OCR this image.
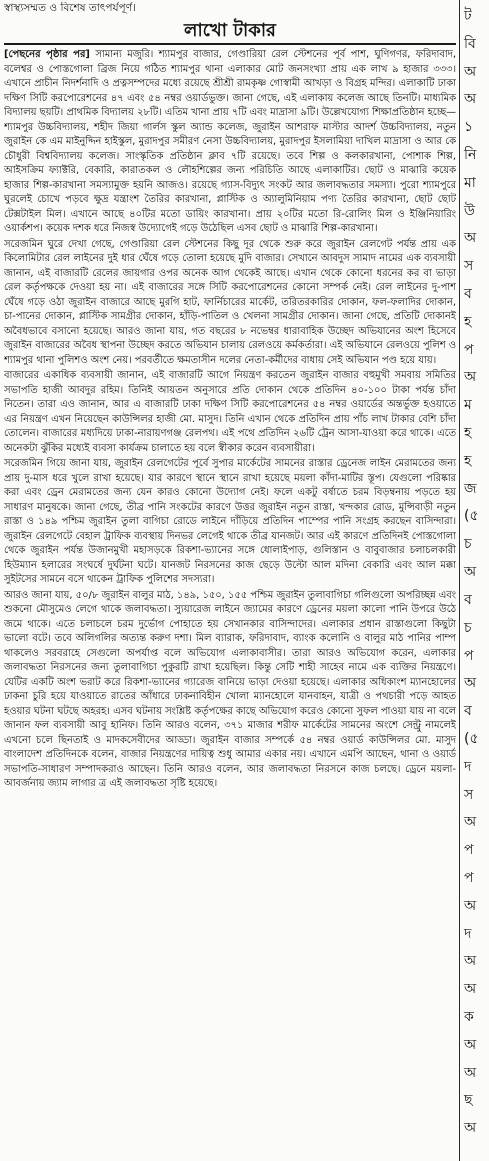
স্বাস্থ্যসম্মত ও বিশেষ তাৎপর্যপূর্ণ।
লাখো টাকার

[পেছনের পৃষ্ঠার পর] সামান্য মজুরি। শ্যামপুর বাজার, গেণ্ডারিয়া রেল স্টেশনের পূর্ব পাশ, ঘুণিগণর, ফরিদাবাদ, বলেশ্বর ও পোস্তগোলা ব্রিজ নিয়ে গঠিত শ্যামপুর থানা এলাকার মোট জনসংখ্যা প্রায় এক লাখ ৯ হাজার ৩৩৩। এখানে প্রাচীন নিদর্শনাদি ও প্রত্নসম্পদের মধ্যে রয়েছে শ্রীশ্রী রামকৃষ্ণ গোস্বামী আখড়া ও বিগ্রহ মন্দির। এলাকাটি ঢাকা দক্ষিণ সিটি করপোরেশনের ৪৭ এবং ৫৪ নম্বর ওয়ার্ডভুক্ত। জানা গেছে, এই এলাকায় কলেজ আছে তিনটি। মাধ্যমিক বিদ্যালয় ছয়টি। প্রাথমিক বিদ্যালয় ২৮টি। এতিম খানা প্রায় ৭টি এবং মাদ্রাসা ৯টি। উল্লেখযোগ্য শিক্ষাপ্রতিষ্ঠান হচ্ছে— শ্যামপুর উচ্চবিদ্যালয়, শহীদ জিয়া গার্লস স্কুল অ্যান্ড কলেজ, জুরাইন আশরাফ মাস্টার আদর্শ উচ্চবিদ্যালয়, নতুন জুরাইন কে এম মাইনুদ্দিন হাইস্কুল, মুরাদপুর সমীরণ নেসা উচ্চবিদ্যালয়, মুরাদপুর ইসলামিয়া দাখিল মাদ্রাসা ও আর কে চৌধুরী বিশ্ববিদ্যালয় কলেজ। সাংস্কৃতিক প্রতিষ্ঠান ক্লাব ৭টি রয়েছে। তবে শিল্প ও কলকারখানা, পোশাক শিল্প, আইসক্রিম ফ্যাক্টরি, বেকারি, কারাতকল ও লৌহশিল্পের জন্য পরিচিতি আছে এলাকাটির। ছোট ও মাঝারি কয়েক হাজার শিল্প-কারখানা সমস্যামুক্ত হয়নি আজও। রয়েছে গ্যাস-বিদ্যুৎ সংকট আর জলাবদ্ধতার সমস্যা। পুরো শ্যামপুরে ঘুরলেই চোখে পড়বে ক্ষুদ্র যন্ত্রাংশ তৈরির কারখানা, প্লাস্টিক ও অ্যালুমিনিয়াম পণ্য তৈরির কারখানা, ছোট ছোট টেক্সটাইল মিল। এখানে আছে ৪০টির মতো ডায়িং কারখানা। প্রায় ২০টির মতো রি-রোলিং মিল ও ইঞ্জিনিয়ারিং ওয়ার্কশপ। কয়েক দশক ধরে নিজস্ব উদ্যোগেই গড়ে উঠেছিল এসব ছোট ও মাঝারি শিল্প-কারখানা।

সরেজমিন ঘুরে দেখা গেছে, গেণ্ডারিয়া রেল স্টেশনের কিছু দূর থেকে শুরু করে জুরাইন রেলগেট পর্যন্ত প্রায় এক কিলোমিটার রেল লাইনের দুই ধার ঘেঁষে গড়ে তোলা হয়েছে মুদি বাজার। সেখানে আবদুস সামাদ নামের এক ব্যবসায়ী জানান, এই বাজারটি রেলের জায়গার ওপর অনেক আগ থেকেই আছে। এখান থেকে কোনো ধরনের কর বা ভাড়া রেল কর্তৃপক্ষকে দেওয়া হয় না। এই বাজারের সঙ্গে সিটি করপোরেশনের কোনো সম্পর্ক নেই। রেল লাইনের দু-পাশ ঘেঁষে গড়ে ওঠা জুরাইন বাজারে আছে মুরগি হাট, ফার্নিচারের মার্কেট, তরিতরকারির দোকান, ফল-ফলাদির দোকান, চা-পানের দোকান, প্লাস্টিক সামগ্রীর দোকান, হাঁড়ি-পাতিল ও খেলনা সামগ্রীর দোকান। জানা গেছে, প্রতিটি দোকানই অবৈধভাবে বসানো হয়েছে। আরও জানা যায়, গত বছরের ৮ নভেম্বর ধারাবাহিক উচ্ছেদ অভিযানের অংশ হিসেবে জুরাইন বাজারের অবৈধ স্থাপনা উচ্ছেদ করতে অভিযান চালায় রেলওয়ে কর্মকর্তারা। এই অভিযানে রেলওয়ে পুলিশ ও শ্যামপুর থানা পুলিশও অংশ নেয়। পরবর্তীতে ক্ষমতাসীন দলের নেতা-কর্মীদের বাধায় সেই অভিযান পণ্ড হয়ে যায়।

বাজারের একাধিক ব্যবসায়ী জানান, এই বাজারটি আগে নিয়ন্ত্রণ করতেন জুরাইন বাজার বহুমুখী সমবায় সমিতির সভাপতি হাজী আবদুর রহিম। তিনিই আয়তন অনুসারে প্রতি দোকান থেকে প্রতিদিন ৪০-১০০ টাকা পর্যন্ত চাঁদা নিতেন। তারা এও জানান, আর এ বাজারটি ঢাকা দক্ষিণ সিটি করপোরেশনের ৫৪ নম্বর ওয়ার্ডের অন্তর্ভুক্ত হওয়াতে এর নিয়ন্ত্রণ এখন নিয়েছেন কাউন্সিলর হাজী মো. মাসুদ। তিনি এখান থেকে প্রতিদিন প্রায় পাঁচ লাখ টাকার বেশি চাঁদা তোলেন। বাজারের মধ্যদিয়ে ঢাকা-নারায়ণগঞ্জ রেলপথ। এই পথে প্রতিদিন ২৬টি ট্রেন আসা-যাওয়া করে থাকে। এতে অনেকটা ঝুঁকির মধ্যেই ব্যবসা কার্যক্রম চালাতে হয় বলে স্বীকার করেন ব্যবসায়ীরা।

সরেজমিন গিয়ে জানা যায়, জুরাইন রেলগেটের পূর্বে সুপার মার্কেটের সামনের রাস্তার ড্রেনেজ লাইন মেরামতের জন্য প্রায় দু-মাস ধরে খুলে রাখা হয়েছে। যার কারণে স্থানে স্থানে রাখা হয়েছে ময়লা কাঁদা-মাটির স্তূপ। যেগুলো পরিষ্কার করা এবং ড্রেন মেরামতের জন্য যেন কারও কোনো উদ্যোগ নেই। ফলে একটু বর্ষাতে চরম বিড়ম্বনায় পড়তে হয় সাধারণ মানুষকে। জানা গেছে, তীব্র পানি সংকটের কারণে উত্তর জুরাইন নতুন রাস্তা, খন্দকার রোড, মুন্সিবাড়ী নতুন রাস্তা ও ১৪৯ পশ্চিম জুরাইন তুলা বাগিচা রোডে লাইনে দাঁড়িয়ে প্রতিদিন পাম্পের পানি সংগ্রহ করছেন বাসিন্দারা। জুরাইন রেলগেটে বেহাল ট্রাফিক ব্যবস্থায় দিনভর লেগেই থাকে তীব্র যানজট। আর এই কারণে প্রতিদিনই পোস্তগোলা থেকে জুরাইন পর্যন্ত উজানমুখী মহাসড়কে রিকশা-ভ্যানের সঙ্গে ধোলাইপাড়, গুলিস্তান ও বাবুবাজার চলাচলকারী হিউম্যান হলারের সংঘর্ষে দুর্ঘটনা ঘটে। যানজট নিরসনের কাজ ছেড়ে উল্টো আল মদিনা বেকারি এবং আল মক্কা সুইটসের সামনে বসে থাকেন ট্রাফিক পুলিশের সদস্যরা।

আরও জানা যায়, ৫০/৮ জুরাইন বালুর মাঠ, ১৪৯, ১৫০, ১৫৫ পশ্চিম জুরাইন তুলাবাগিচা গলিগুলো অপরিচ্ছন্ন এবং শুকনো মৌসুমেও লেগে থাকে জলাবদ্ধতা। স্যুয়ারেজ লাইনে জ্যামের কারণে ড্রেনের ময়লা কালো পানি উপরে উঠে জমে থাকে। এতে চলাচলে চরম দুর্ভোগ পোহাতে হয় সেখানকার বাসিন্দাদের। এলাকার প্রধান রাস্তাগুলো কিছুটা ভালো বটে। তবে অলিগলির অত্যন্ত করুণ দশা। মিল ব্যারাক, ফরিদাবাদ, ব্যাংক কলোনি ও বালুর মাঠ পানির পাম্প থাকলেও সরবরাহে সেগুলো অপর্যাপ্ত বলে অভিযোগ এলাকাবাসীর। তারা আরও অভিযোগ করেন, এলাকার জলাবদ্ধতা নিরসনের জন্য তুলাবাগিচা পুকুরটি রাখা হয়েছিল। কিন্তু সেটি শাহী সাহেব নামে এক ব্যক্তির নিয়ন্ত্রণে। যেটির একটি অংশ ভরাট করে রিকশা-ভ্যানের গ্যারেজ বানিয়ে ভাড়া দেওয়া হয়েছে। এলাকার অধিকাংশ ম্যানহোলের ঢাকনা চুরি হয়ে যাওয়াতে রাতের আঁধারে ঢাকনাবিহীন খোলা ম্যানহোলে যানবাহন, যাত্রী ও পথচারী পড়ে আহত হওয়ার ঘটনা ঘটছে অহরহ। এসব ঘটনায় সংশ্লিষ্ট কর্তৃপক্ষের কাছে অভিযোগ করেও কোনো সুফল পাওয়া যায় না বলে জানান ফল ব্যবসায়ী আবু হানিফ। তিনি আরও বলেন, ৩৭১ মাজার শরীফ মার্কেটের সামনের অংশে সেন্ট্রু নামলেই এখনো চলে ছিনতাই ও মাদকসেবীদের আড্ডা। জুরাইন বাজার সম্পর্কে ৫৪ নম্বর ওয়ার্ড কাউন্সিলর মো. মাসুদ বাংলাদেশ প্রতিদিনকে বলেন, বাজার নিয়ন্ত্রণের দায়িত্ব শুধু আমার একার নয়। এখানে এমপি আছেন, থানা ও ওয়ার্ড সভাপতি-সাধারণ সম্পাদকরাও আছেন। তিনি আরও বলেন, আর জলাবদ্ধতা নিরসনে কাজ চলছে। ড্রেনে ময়লা-আবর্জনায় জ্যাম লাগার ত্র এই জলাবদ্ধতা সৃষ্টি হয়েছে।

ট
বি
অ
অ
১
নি
মা
উ
অ
স
ব
হ
প
অ
ম
হ
হ
জ
(৫
চ
অ
ব
চ
প
অ
ব
(৫
দ
স
অ
প
প
অ
দ
অ
অ
ক
অ
অ
ছ
অ
